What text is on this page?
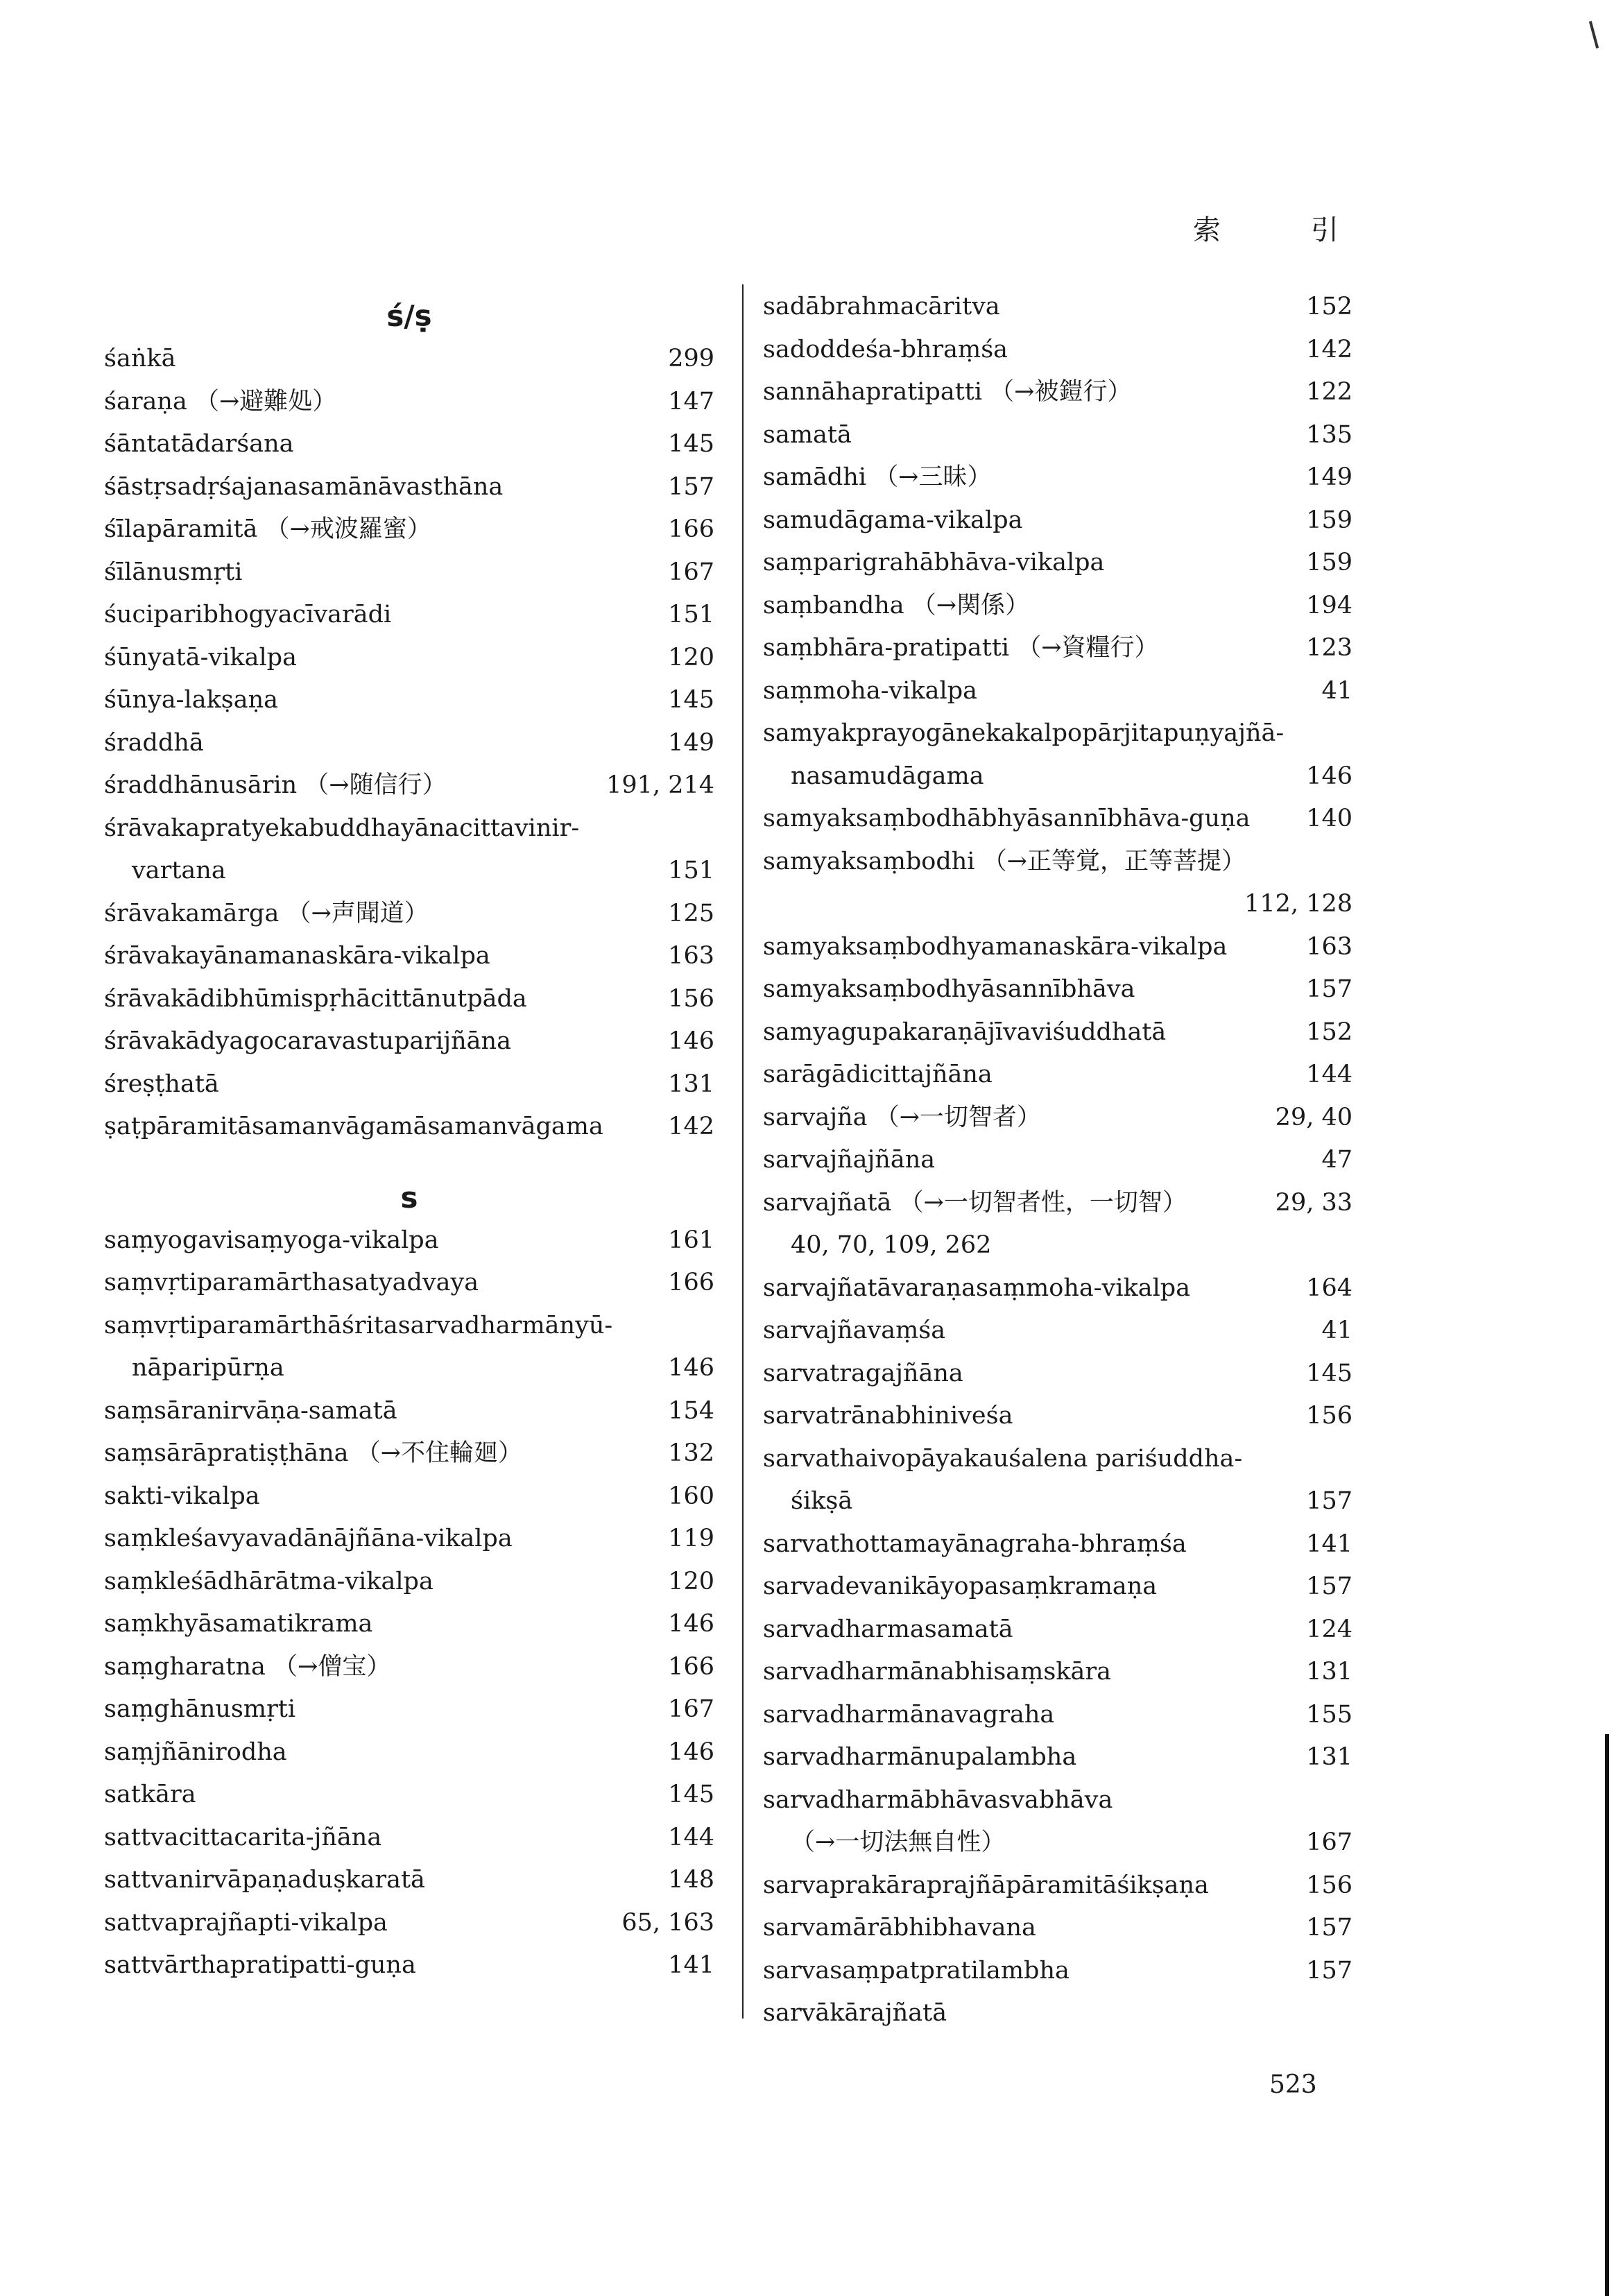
索	引
ś/ṣ
śaṅkā	299
śaraṇa （→避難処）	147
śāntatādarśana	145
śāstṛsadṛśajanasamānāvasthāna	157
śīlapāramitā （→戒波羅蜜）	166
śīlānusmṛti	167
śuciparibhogyacīvarādi	151
śūnyatā-vikalpa	120
śūnya-lakṣaṇa	145
śraddhā	149
śraddhānusārin （→随信行）	191, 214
śrāvakapratyekabuddhayānacittavinir-
vartana	151
śrāvakamārga （→声聞道）	125
śrāvakayānamanaskāra-vikalpa	163
śrāvakādibhūmispṛhācittānutpāda	156
śrāvakādyagocaravastuparijñāna	146
śreṣṭhatā	131
ṣaṭpāramitāsamanvāgamāsamanvāgama	142
s
saṃyogavisaṃyoga-vikalpa	161
saṃvṛtiparamārthasatyadvaya	166
saṃvṛtiparamārthāśritasarvadharmānyū-
nāparipūrṇa	146
saṃsāranirvāṇa-samatā	154
saṃsārāpratiṣṭhāna （→不住輪廻）	132
sakti-vikalpa	160
saṃkleśavyavadānājñāna-vikalpa	119
saṃkleśādhārātma-vikalpa	120
saṃkhyāsamatikrama	146
saṃgharatna （→僧宝）	166
saṃghānusmṛti	167
saṃjñānirodha	146
satkāra	145
sattvacittacarita-jñāna	144
sattvanirvāpaṇaduṣkaratā	148
sattvaprajñapti-vikalpa	65, 163
sattvārthapratipatti-guṇa	141
sadābrahmacāritva	152
sadoddeśa-bhraṃśa	142
sannāhapratipatti （→被鎧行）	122
samatā	135
samādhi （→三昧）	149
samudāgama-vikalpa	159
saṃparigrahābhāva-vikalpa	159
saṃbandha （→関係）	194
saṃbhāra-pratipatti （→資糧行）	123
saṃmoha-vikalpa	41
samyakprayogānekakalpopārjitapuṇyajñā-
nasamudāgama	146
samyaksaṃbodhābhyāsannībhāva-guṇa 140
samyaksaṃbodhi （→正等覚，正等菩提）
112, 128
samyaksaṃbodhyamanaskāra-vikalpa	163
samyaksaṃbodhyāsannībhāva	157
samyagupakaraṇājīvaviśuddhatā	152
sarāgādicittajñāna	144
sarvajña （→一切智者）	29, 40
sarvajñajñāna	47
sarvajñatā （→一切智者性，一切智）	29, 33
40, 70, 109, 262
sarvajñatāvaraṇasaṃmoha-vikalpa	164
sarvajñavaṃśa	41
sarvatragajñāna	145
sarvatrānabhiniveśa	156
sarvathaivopāyakauśalena pariśuddha-
śikṣā	157
sarvathottamayānagraha-bhraṃśa	141
sarvadevanikāyopasaṃkramaṇa	157
sarvadharmasamatā	124
sarvadharmānabhisaṃskāra	131
sarvadharmānavagraha	155
sarvadharmānupalambha	131
sarvadharmābhāvasvabhāva
（→一切法無自性）	167
sarvaprakāraprajñāpāramitāśikṣaṇa	156
sarvamārābhibhavana	157
sarvasaṃpatpratilambha	157
sarvākārajñatā
523
